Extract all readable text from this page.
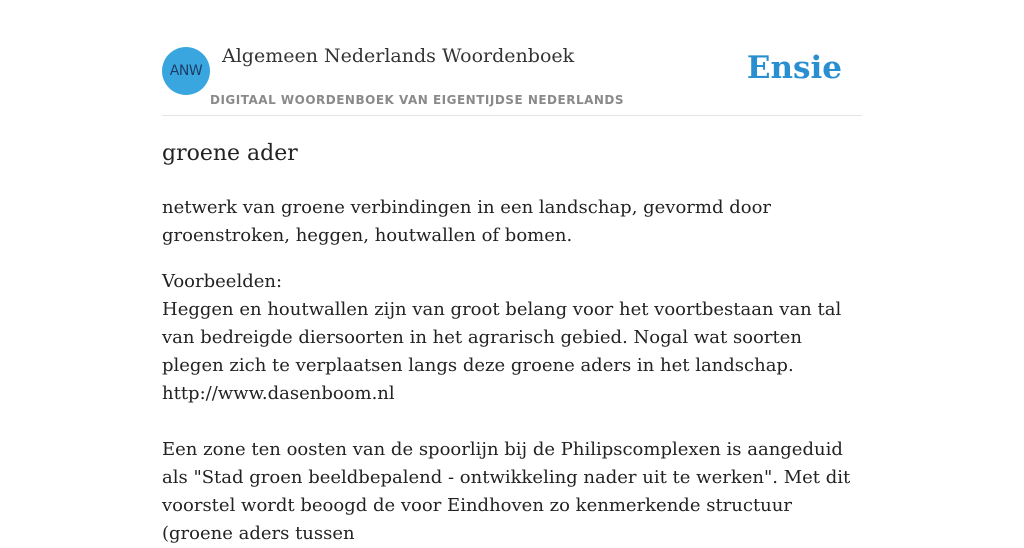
ANW
Algemeen Nederlands Woordenboek
DIGITAAL WOORDENBOEK VAN EIGENTIJDSE NEDERLANDS
Ensie
groene ader

netwerk van groene verbindingen in een landschap, gevormd door groenstroken, heggen, houtwallen of bomen.

Voorbeelden:

Heggen en houtwallen zijn van groot belang voor het voortbestaan van tal van bedreigde diersoorten in het agrarisch gebied. Nogal wat soorten plegen zich te verplaatsen langs deze groene aders in het landschap.

http://www.dasenboom.nl

Een zone ten oosten van de spoorlijn bij de Philipscomplexen is aangeduid als "Stad groen beeldbepalend - ontwikkeling nader uit te werken". Met dit voorstel wordt beoogd de voor Eindhoven zo kenmerkende structuur (groene aders tussen
